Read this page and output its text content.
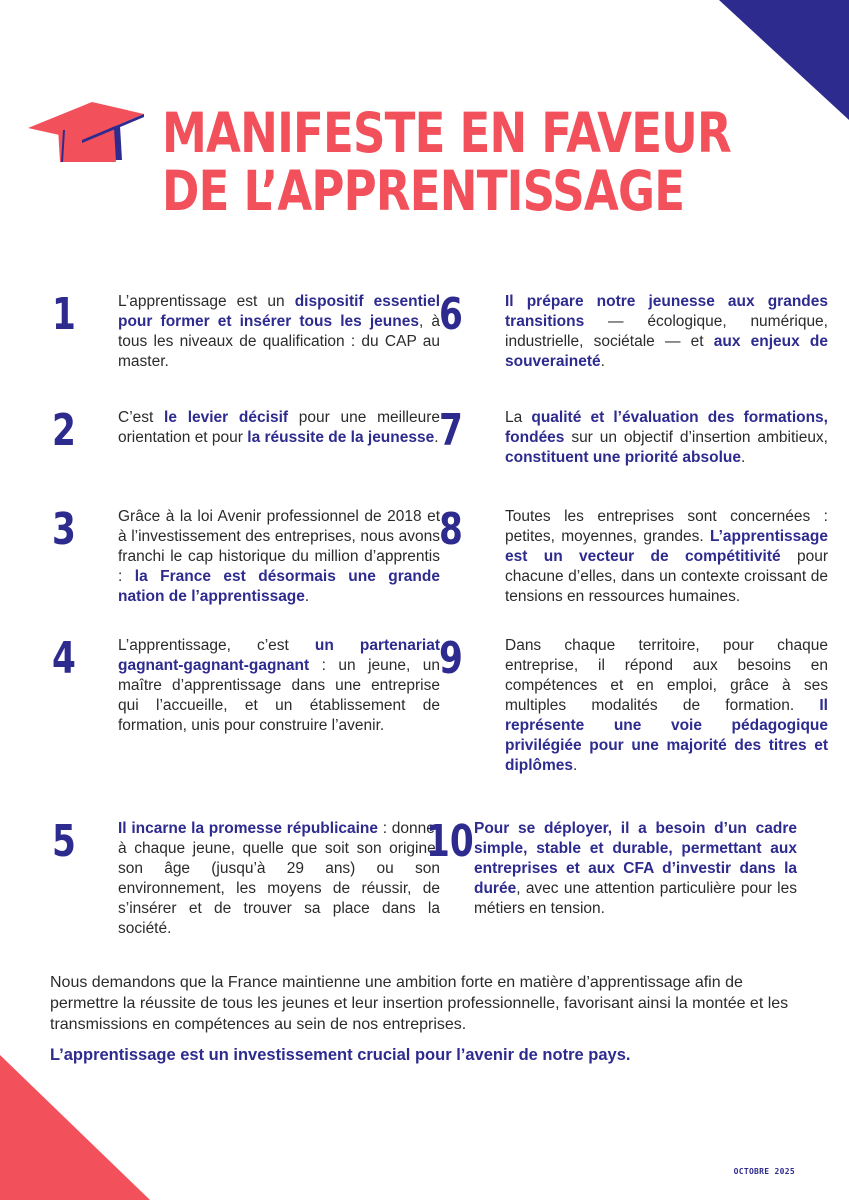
MANIFESTE EN FAVEUR
DE L’APPRENTISSAGE
1	L’apprentissage est un dispositif essentiel pour former et insérer tous les jeunes, à tous les niveaux de qualification : du CAP au master.

2	C’est le levier décisif pour une meilleure orientation et pour la réussite de la jeunesse.

3	Grâce à la loi Avenir professionnel de 2018 et à l’investissement des entreprises, nous avons franchi le cap historique du million d’apprentis : la France est désormais une grande nation de l’apprentissage.

4	L’apprentissage, c’est un partenariat gagnant-gagnant-gagnant : un jeune, un maître d’apprentissage dans une entreprise qui l’accueille, et un établissement de formation, unis pour construire l’avenir.

5	Il incarne la promesse républicaine : donner à chaque jeune, quelle que soit son origine, son âge (jusqu’à 29 ans) ou son environnement, les moyens de réussir, de s’insérer et de trouver sa place dans la société.

6	Il prépare notre jeunesse aux grandes transitions — écologique, numérique, industrielle, sociétale — et aux enjeux de souveraineté.

7	La qualité et l’évaluation des formations, fondées sur un objectif d’insertion ambitieux, constituent une priorité absolue.

8	Toutes les entreprises sont concernées : petites, moyennes, grandes. L’apprentissage est un vecteur de compétitivité pour chacune d’elles, dans un contexte croissant de tensions en ressources humaines.

9	Dans chaque territoire, pour chaque entreprise, il répond aux besoins en compétences et en emploi, grâce à ses multiples modalités de formation. Il représente une voie pédagogique privilégiée pour une majorité des titres et diplômes.

10 Pour se déployer, il a besoin d’un cadre simple, stable et durable, permettant aux entreprises et aux CFA d’investir dans la durée, avec une attention particulière pour les métiers en tension.

Nous demandons que la France maintienne une ambition forte en matière d’apprentissage afin de permettre la réussite de tous les jeunes et leur insertion professionnelle, favorisant ainsi la montée et les transmissions en compétences au sein de nos entreprises.

L’apprentissage est un investissement crucial pour l’avenir de notre pays.

OCTOBRE 2025
